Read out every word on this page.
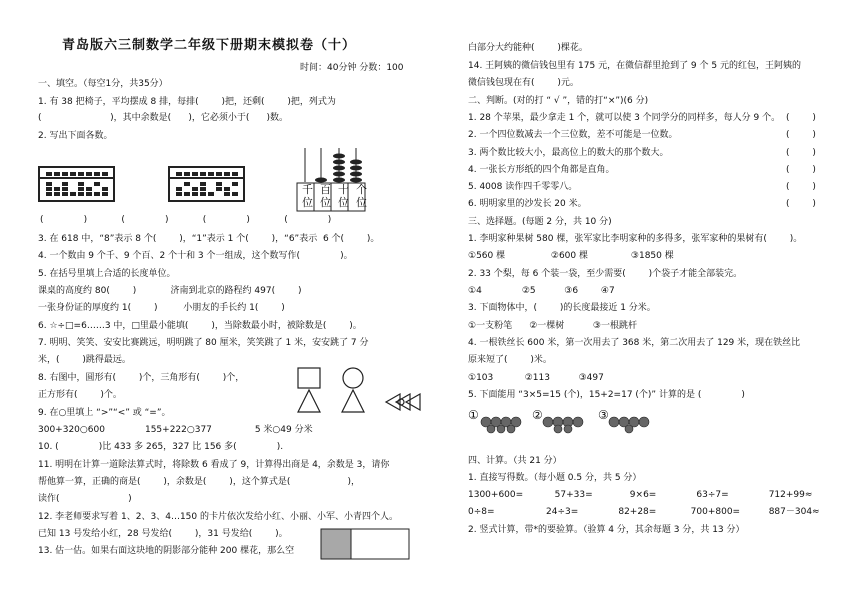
青岛版六三制数学二年级下册期末模拟卷（十）
时间：40分钟 分数：100
一、填空。（每空1分，共35分）
1. 有 38 把椅子，平均摆成 8 排，每排(        )把，还剩(        )把，列式为
(                        )，其中余数是(      )，它必须小于(      )数。
2. 写出下面各数。
千百十个
位位位位
(              )            (              )            (              )            (              )
3. 在 618 中，“8”表示 8 个(        )，“1”表示 1 个(        )，“6”表示  6 个(        )。
4. 一个数由 9 个千、9 个百、2 个十和 3 个一组成，这个数写作(              )。
5. 在括号里填上合适的长度单位。
课桌的高度约 80(        )            济南到北京的路程约 497(        )
一张身份证的厚度约 1(        )         小朋友的手长约 1(        )
6. ☆÷□=6……3 中，□里最小能填(        )，当除数最小时，被除数是(        )。
7. 明明、笑笑、安安比赛跳远，明明跳了 80 厘米，笑笑跳了 1 米，安安跳了 7 分
米，(        )跳得最远。
8. 右图中，圆形有(        )个，三角形有(        )个，
正方形有(        )个。
9. 在○里填上 “>”“<” 或 “=”。
300+320○600              155+222○377               5 米○49 分米
10. (              )比 433 多 265，327 比 156 多(              ).
11. 明明在计算一道除法算式时，将除数 6 看成了 9，计算得出商是 4，余数是 3，请你
帮他算一算，正确的商是(        )，余数是(        )，这个算式是(                    )，
读作(                        )
12. 李老师要求写着 1、2、3、4…150 的卡片依次发给小红、小丽、小军、小青四个人。
已知 13 号发给小红，28 号发给(        )，31 号发给(        )。
13. 估一估。如果右面这块地的阴影部分能种 200 棵花，那么空
白部分大约能种(        )棵花。
14. 王阿姨的微信钱包里有 175 元，在微信群里抢到了 9 个 5 元的红包，王阿姨的
微信钱包现在有(        )元。
二、判断。(对的打 “ √ ”，错的打“×”)(6 分)
1. 28 个苹果，最少拿走 1 个，就可以使 3 个同学分的同样多，每人分 9 个。 (        )
2. 一个四位数减去一个三位数，差不可能是一位数。	(        )
3. 两个数比较大小，最高位上的数大的那个数大。	(        )
4. 一张长方形纸的四个角都是直角。	(        )
5. 4008 读作四千零零八。	(        )
6. 明明家里的沙发长 20 米。	(        )
三、选择题。(每题 2 分，共 10 分)
1. 李明家种果树 580 棵，张军家比李明家种的多得多，张军家种的果树有(        )。
①560 棵                ②600 棵               ③1850 棵
2. 33 个梨，每 6 个装一袋，至少需要(        )个袋子才能全部装完。
①4              ②5          ③6        ④7
3. 下面物体中，(        )的长度最接近 1 分米。
①一支粉笔      ②一棵树          ③一根跳杆
4. 一根铁丝长 600 米，第一次用去了 368 米，第二次用去了 129 米，现在铁丝比
原来短了(        )米。
①103           ②113          ③497
5. 下面能用 “3×5=15 (个)，15+2=17 (个)” 计算的是 (              )
①	②	③
四、计算。（共 21 分）
1. 直接写得数。（每小题 0.5 分，共 5 分）
1300+600=           57+33=             9×6=              63÷7=              712+99≈
0÷8=                  24÷3=              82+28=            700+800=          887－304≈
2. 竖式计算，带*的要验算。（验算 4 分，其余每题 3 分，共 13 分）
